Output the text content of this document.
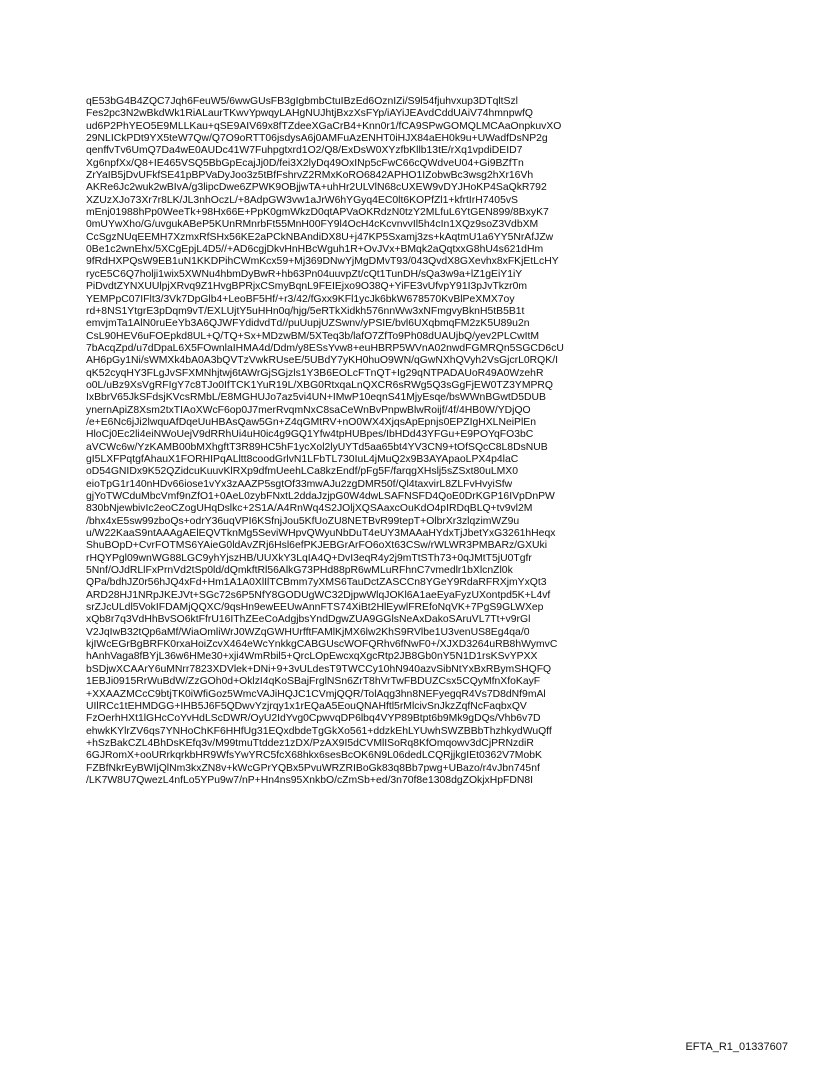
qE53bG4B4ZQC7Jqh6FeuW5/6wwGUsFB3gIgbmbCtuIBzEd6OznIZi/S9l54fjuhvxup3DTqltSzl
Fes2pc3N2wBkdWk1RiALaurTKwvYpwqyLAHgNUJhtjBxzXsFYp/iAYiJEAvdCddUAiV74hmnpwfQ
ud6P2PhYEO5E9MLLKau+qSE9AIV69x8fTZdeeXGaCrB4+Knn0r1/fCA9SPwGOMQLMCAaOnpkuvXO
29NLICkPDt9YX5teW7Qw/Q7O9oRTT06jsdysA6j0AMFuAzENHT0iHJX84aEH0k9u+UWadfDsNP2g
qenffvTv6UmQ7Da4wE0AUDc41W7Fuhpgtxrd1O2/Q8/ExDsW0XYzfbKllb13tE/rXq1vpdiDEID7
Xg6npfXx/Q8+IE465VSQ5BbGpEcajJj0D/fei3X2lyDq49OxINp5cFwC66cQWdveU04+Gi9BZfTn
ZrYaIB5jDvUFkfSE41pBPVaDyJoo3z5tBfFshrvZ2RMxKoRO6842APHO1IZobwBc3wsg2hXr16Vh
AKRe6Jc2wuk2wBIvA/g3lipcDwe6ZPWK9OBjjwTA+uhHr2ULVlN68cUXEW9vDYJHoKP4SaQkR792
XZUzXJo73Xr7r8LK/JL3nhOczL/+8AdpGW3vw1aJrW6hYGyq4EC0lt6KOPfZl1+kfrtIrH7405vS
mEnj01988hPp0WeeTk+98Hx66E+PpK0gmWkzD0qtAPVaOKRdzN0tzY2MLfuL6YtGEN899/8BxyK7
0mUYwXho/G/uvgukABeP5KUnRMnrbFt55MnH00FY9l4OcH4cKcvnvvIl5h4cIn1XQz9soZ3VdbXM
CcSgzNUqEEMH7XzmxRfSHx56KE2aPCkNBAndiDX8U+j47KP5Sxamj3zs+kAqtmU1a6YY5NrAfJZw
0Be1c2wnEhx/5XCgEpjL4D5//+AD6cgjDkvHnHBcWguh1R+OvJVx+BMqk2aQqtxxG8hU4s621dHm
9fRdHXPQsW9EB1uN1KKDPihCWmKcx59+Mj369DNwYjMgDMvT93/043QvdX8GXevhx8xFKjEtLcHY
rycE5C6Q7holji1wix5XWNu4hbmDyBwR+hb63Pn04uuvpZt/cQt1TunDH/sQa3w9a+lZ1gEiY1iY
PiDvdtZYNXUUlpjXRvq9Z1HvgBPRjxCSmyBqnL9FEIEjxo9O38Q+YiFE3vUfvpY91I3pJvTkzr0m
YEMPpC07IFlt3/3Vk7DpGlb4+LeoBF5Hf/+r3/42/fGxx9KFl1ycJk6bkW678570KvBlPeXMX7oy
rd+8NS1YtgrE3pDqm9vT/EXLUjtY5uHHn0q/hjg/5eRTkXidkh576nnWw3xNFmgvyBknH5tB5B1t
emvjmTa1AlN0ruEeYb3A6QJWFYdidvdTd//puUupjUZSwnv/yPSIE/bvl6UXqbmqFM2zK5U89u2n
CsL90HEV6uFOEpkd8UL+Q/TQ+Sx+MDzwBM/5XTeq3b/lafO7ZfTo9Ph08dUAUjbQ/yev2PLCwItM
7bAcqZpd/u7dDpaL6X5FOwnlaIHMA4d/Ddm/y8ESsYvw8+euHBRP5WVnA02nwdFGMRQn5SGCD6cU
AH6pGy1Ni/sWMXk4bA0A3bQVTzVwkRUseE/5UBdY7yKH0huO9WN/qGwNXhQVyh2VsGjcrL0RQK/I
qK52cyqHY3FLgJvSFXMNhjtwj6tAWrGjSGjzls1Y3B6EOLcFTnQT+Ig29qNTPADAUoR49A0WzehR
o0L/uBz9XsVgRFIgY7c8TJo0IfTCK1YuR19L/XBG0RtxqaLnQXCR6sRWg5Q3sGgFjEW0TZ3YMPRQ
IxBbrV65JkSFdsjKVcsRMbL/E8MGHUJo7az5vi4UN+IMwP10eqnS41MjyEsqe/bsWWnBGwtD5DUB
ynernApiZ8Xsm2txTIAoXWcF6op0J7merRvqmNxC8saCeWnBvPnpwBlwRoijf/4f/4HB0W/YDjQO
/e+E6Nc6jJi2lwquAfDqeUuHBAsQaw5Gn+Z4qGMtRV+nO0WX4XjqsApEpnjs0EPZIgHXLNeiPlEn
HloCj0Ec2li4eiNWoUejV9dRRhUi4uH0ic4g9GQ1Yfw4tpHUBpes/IbHDd43YFGu+E9POYqFO3bC
aVCWc6w/YzKAMB00bMXhgftT3R89HC5hF1ycXol2lyUYTd5aa65bt4YV3CN9+tOfSQcC8L8DsNUB
gI5LXFPqtgfAhauX1FORHIPqALltt8coodGrlvN1LFbTL730IuL4jMuQ2x9B3AYApaoLPX4p4laC
oD54GNIDx9K52QZidcuKuuvKlRXp9dfmUeehLCa8kzEndf/pFg5F/farqgXHslj5sZSxt80uLMX0
eioTpG1r140nHDv66iose1vYx3zAAZP5sgtOf33mwAJu2zgDMR50f/Ql4taxvirL8ZLFvHvyiSfw
gjYoTWCduMbcVmf9nZfO1+0AeL0zybFNxtL2ddaJzjpG0W4dwLSAFNSFD4QoE0DrKGP16IVpDnPW
830bNjewbivIc2eoCZogUHqDslkc+2S1A/A4RnWq4S2JOljXQSAaxcOuKdO4pIRDqBLQ+tv9vl2M
/bhx4xE5sw99zboQs+odrY36uqVPI6KSfnjJou5KfUoZU8NETBvR99tepT+OlbrXr3zlqzimWZ9u
u/W22KaaS9ntAAAgAElEQVTknMg5SeviWHpvQWyuNbDuT4eUY3MAAaHYdxTjJbetYxG3261hHeqx
ShuBOpD+CvrFOTMS6YAieG0ldAvZRj6Hsl6efPKJEBGrArFO6oXt63CSw/rWLWR3PMBARz/GXUki
rHQYPgl09wnWG88LGC9yhYjszHB/UUXkY3LqIA4Q+DvI3eqR4y2j9mTtSTh73+0qJMtT5jU0Tgfr
5Nnf/OJdRLlFxPrnVd2tSp0ld/dQmkftRl56AlkG73PHd88pR6wMLuRFhnC7vmedlr1bXlcnZl0k
QPa/bdhJZ0r56hJQ4xFd+Hm1A1A0XlIlTCBmm7yXMS6TauDctZASCCn8YGeY9RdaRFRXjmYxQt3
ARD28HJ1NRpJKEJVt+SGc72s6P5NfY8GODUgWC32DjpwWlqJOKl6A1aeEyaFyzUXontpd5K+L4vf
srZJcULdl5VokIFDAMjQQXC/9qsHn9ewEEUwAnnFTS74XiBt2HlEywlFREfoNqVK+7PgS9GLWXep
xQb8r7q3VdHhBvSO6ktFfrU16IThZEeCoAdgjbsYndDgwZUA9GGlsNeAxDakoSAruVL7Tt+v9rGl
V2JqIwB32tQp6aMf/WiaOmliWrJ0WZqGWHUrfftFAMlKjMX6lw2KhS9RVlbe1U3venUS8Eg4qa/0
kjIWcEGrBgBRFK0rxaHoiZcvX464eWcYnkkgCABGUscWOFQRhv6fNwF0+/XJXD3264uRB8hWymvC
hAnhVaga8fBYjL36w6HMe30+xji4WmRbil5+QrcLOpEwcxqXgcRtp2JB8Gb0nY5N1D1rsKSvYPXX
bSDjwXCAArY6uMNrr7823XDVlek+DNi+9+3vULdesT9TWCCy10hN940azvSibNtYxBxRBymSHQFQ
1EBJi0915RrWuBdW/ZzGOh0d+OklzI4qKoSBajFrglNSn6ZrT8hVrTwFBDUZCsx5CQyMfnXfoKayF
+XXAAZMCcC9btjTK0iWfiGoz5WmcVAJiHQJC1CVmjQQR/TolAqg3hn8NEFyegqR4Vs7D8dNf9mAl
UIlRCc1tEHMDGG+IHB5J6F5QDwvYzjrqy1x1rEQaA5EouQNAHftl5rMlcivSnJkzZqfNcFaqbxQV
FzOerhHXt1lGHcCoYvHdLScDWR/OyU2IdYvg0CpwvqDP6lbq4VYP89Btpt6b9Mk9gDQs/Vhb6v7D
ehwkKYlrZV6qs7YNHoChKF6HHfUg31EQxdbdeTgGkXo561+ddzkEhLYUwhSWZBBbThzhkydWuQff
+hSzBakCZL4BhDsKEfq3v/M99tmuTtddez1zDX/PzAX9I5dCVMlISoRq8KfOmqowv3dCjPRNzdiR
6GJRomX+ooURrkqrkbHR9WfsYwYRC5fcX68hkx6sesBcOK6N9L06dedLCQRjjkgIEt0362V7MobK
FZBfNkrEyBWIjQlNm3kxZN8v+kWcGPrYQBx5PvuWRZRIBoGk83q8Bb7pwg+UBazo/r4vJbn745nf
/LK7W8U7QwezL4nfLo5YPu9w7/nP+Hn4ns95XnkbO/cZmSb+ed/3n70f8e1308dgZOkjxHpFDN8I
EFTA_R1_01337607
